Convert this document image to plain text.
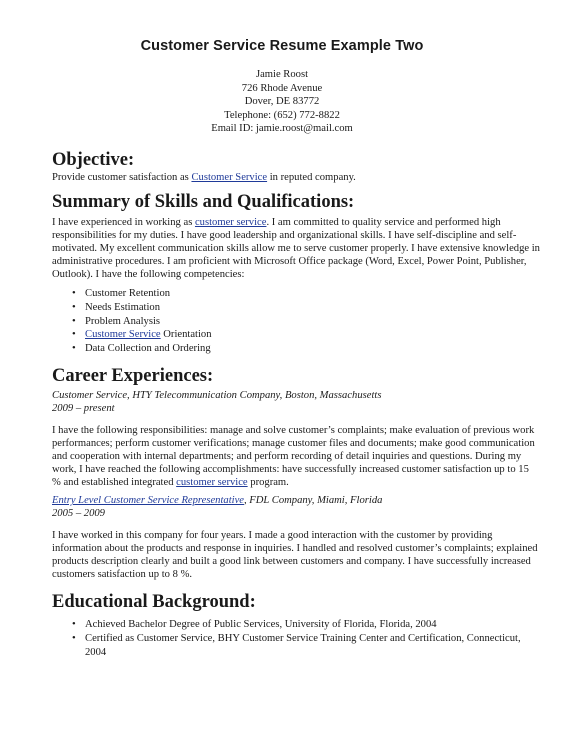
Customer Service Resume Example Two
Jamie Roost
726 Rhode Avenue
Dover, DE 83772
Telephone: (652) 772-8822
Email ID: jamie.roost@mail.com
Objective:

Provide customer satisfaction as Customer Service in reputed company.

Summary of Skills and Qualifications:

I have experienced in working as customer service. I am committed to quality service and performed high responsibilities for my duties. I have good leadership and organizational skills. I have self-discipline and self-motivated. My excellent communication skills allow me to serve customer properly. I have extensive knowledge in administrative procedures. I am proficient with Microsoft Office package (Word, Excel, Power Point, Publisher, Outlook). I have the following competencies:

• Customer Retention
• Needs Estimation
• Problem Analysis
• Customer Service Orientation
• Data Collection and Ordering
Career Experiences:
Customer Service, HTY Telecommunication Company, Boston, Massachusetts
2009 – present

I have the following responsibilities: manage and solve customer’s complaints; make evaluation of previous work performances; perform customer verifications; manage customer files and documents; make good communication and cooperation with internal departments; and perform recording of detail inquiries and questions. During my work, I have reached the following accomplishments: have successfully increased customer satisfaction up to 15 % and established integrated customer service program.

Entry Level Customer Service Representative, FDL Company, Miami, Florida
2005 – 2009

I have worked in this company for four years. I made a good interaction with the customer by providing information about the products and response in inquiries. I handled and resolved customer’s complaints; explained products description clearly and built a good link between customers and company. I have successfully increased customers satisfaction up to 8 %.

Educational Background:
• Achieved Bachelor Degree of Public Services, University of Florida, Florida, 2004
• Certified as Customer Service, BHY Customer Service Training Center and Certification, Connecticut, 2004
